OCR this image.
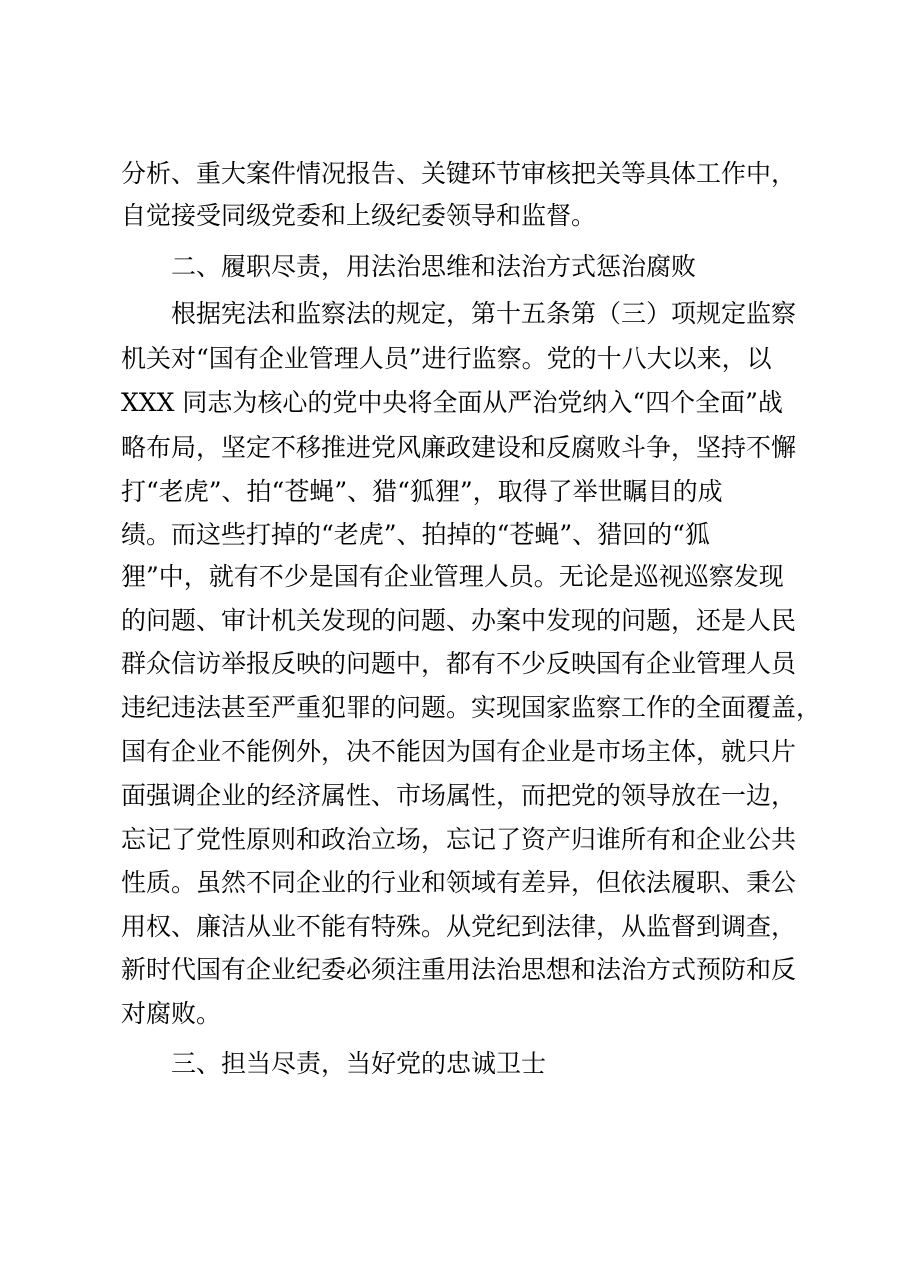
分析、重大案件情况报告、关键环节审核把关等具体工作中，
自觉接受同级党委和上级纪委领导和监督。
二、履职尽责，用法治思维和法治方式惩治腐败
根据宪法和监察法的规定，第十五条第（三）项规定监察
机关对“国有企业管理人员”进行监察。党的十八大以来，以
XXX 同志为核心的党中央将全面从严治党纳入“四个全面”战
略布局，坚定不移推进党风廉政建设和反腐败斗争，坚持不懈
打“老虎”、拍“苍蝇”、猎“狐狸”，取得了举世瞩目的成
绩。而这些打掉的“老虎”、拍掉的“苍蝇”、猎回的“狐
狸”中，就有不少是国有企业管理人员。无论是巡视巡察发现
的问题、审计机关发现的问题、办案中发现的问题，还是人民
群众信访举报反映的问题中，都有不少反映国有企业管理人员
违纪违法甚至严重犯罪的问题。实现国家监察工作的全面覆盖，
国有企业不能例外，决不能因为国有企业是市场主体，就只片
面强调企业的经济属性、市场属性，而把党的领导放在一边，
忘记了党性原则和政治立场，忘记了资产归谁所有和企业公共
性质。虽然不同企业的行业和领域有差异，但依法履职、秉公
用权、廉洁从业不能有特殊。从党纪到法律，从监督到调查，
新时代国有企业纪委必须注重用法治思想和法治方式预防和反
对腐败。
三、担当尽责，当好党的忠诚卫士
